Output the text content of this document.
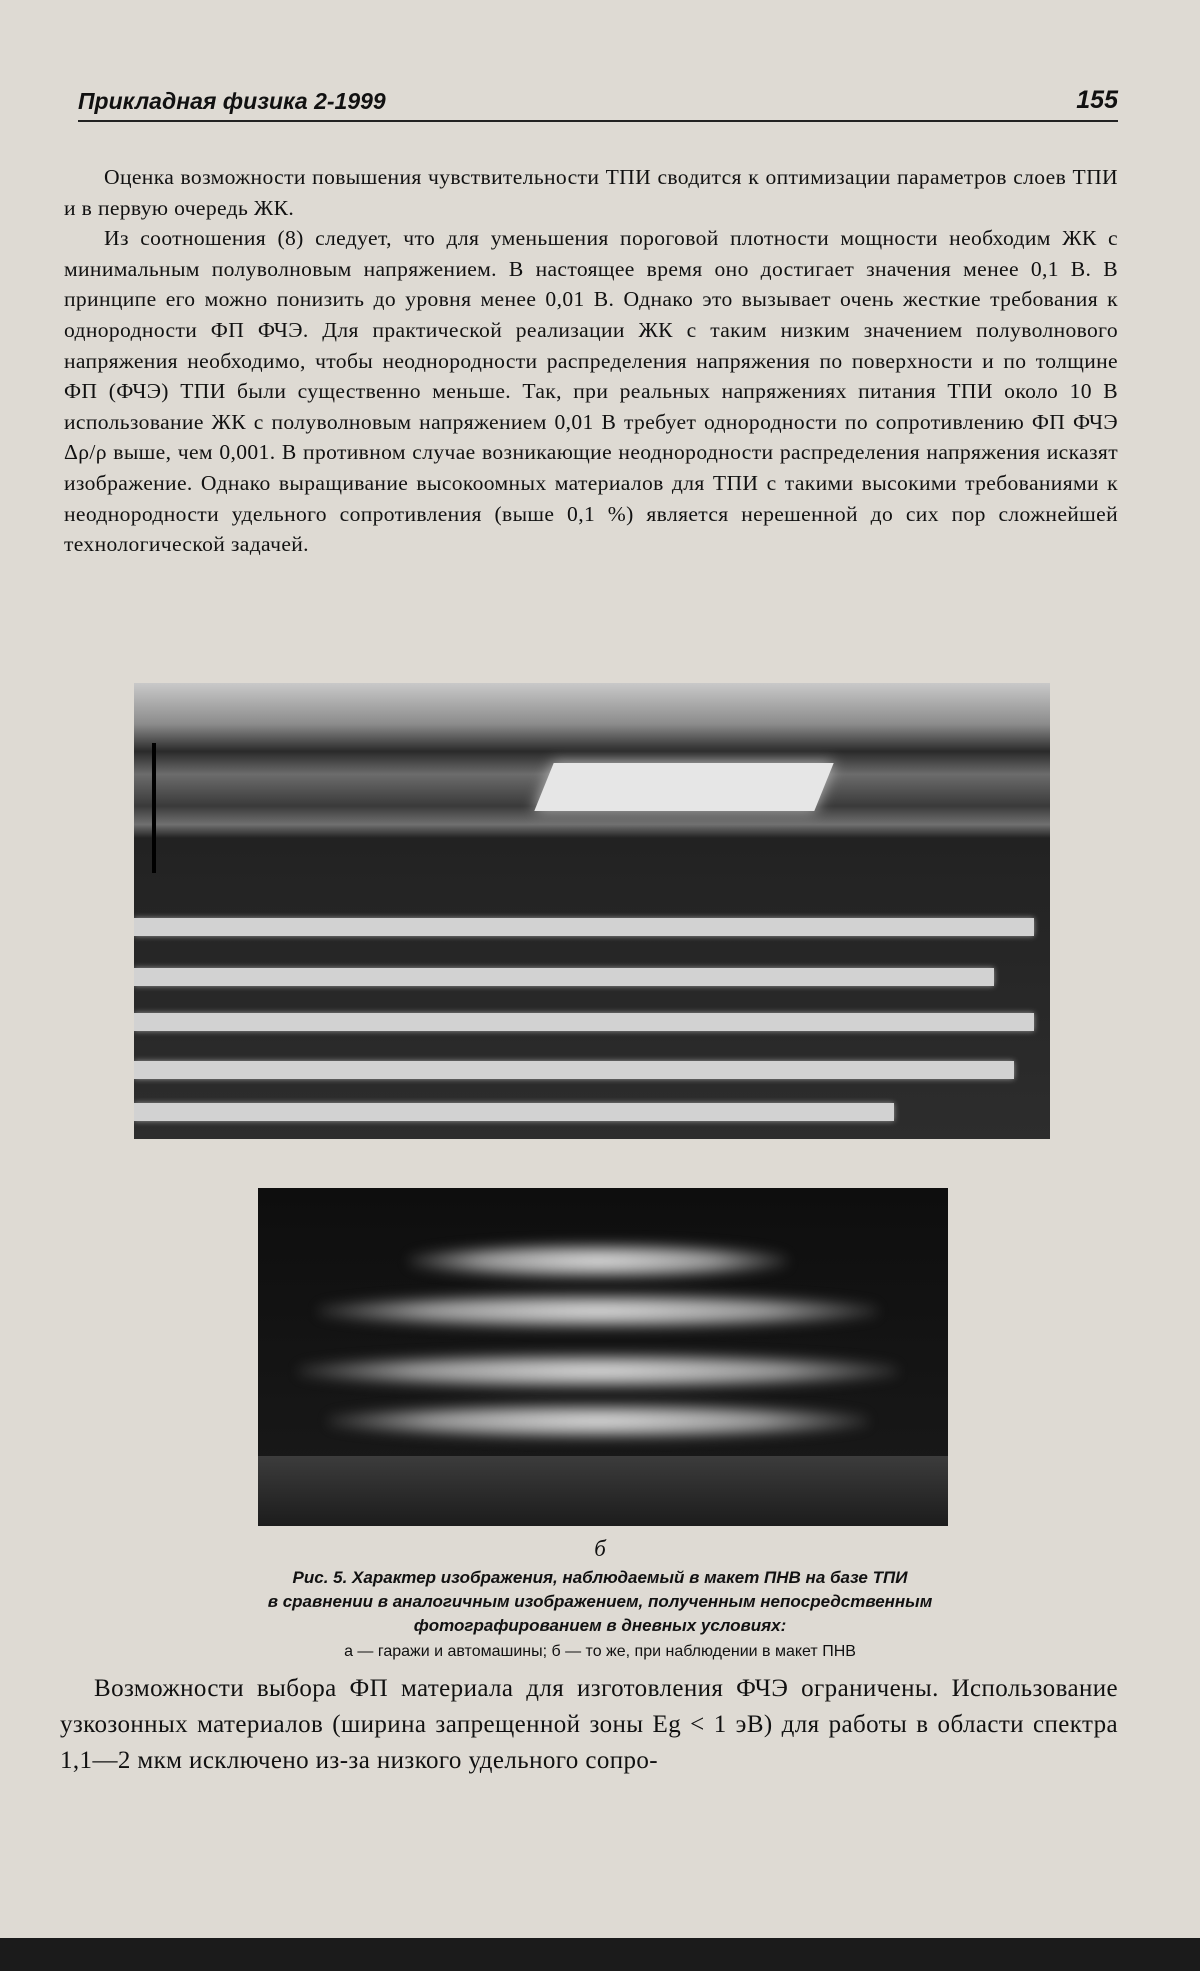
Прикладная физика 2-1999	155

Оценка возможности повышения чувствительности ТПИ сводится к оптимизации параметров слоев ТПИ и в первую очередь ЖК.

Из соотношения (8) следует, что для уменьшения пороговой плотности мощности необходим ЖК с минимальным полуволновым напряжением. В настоящее время оно достигает значения менее 0,1 В. В принципе его можно понизить до уровня менее 0,01 В. Однако это вызывает очень жесткие требования к однородности ФП ФЧЭ. Для практической реализации ЖК с таким низким значением полуволнового напряжения необходимо, чтобы неоднородности распределения напряжения по поверхности и по толщине ФП (ФЧЭ) ТПИ были существенно меньше. Так, при реальных напряжениях питания ТПИ около 10 В использование ЖК с полуволновым напряжением 0,01 В требует однородности по сопротивлению ФП ФЧЭ Δρ/ρ выше, чем 0,001. В противном случае возникающие неоднородности распределения напряжения исказят изображение. Однако выращивание высокоомных материалов для ТПИ с такими высокими требованиями к неоднородности удельного сопротивления (выше 0,1 %) является нерешенной до сих пор сложнейшей технологической задачей.

б
Рис. 5. Характер изображения, наблюдаемый в макет ПНВ на базе ТПИ
в сравнении в аналогичным изображением, полученным непосредственным
фотографированием в дневных условиях:
а — гаражи и автомашины; б — то же, при наблюдении в макет ПНВ

Возможности выбора ФП материала для изготовления ФЧЭ ограничены. Использование узкозонных материалов (ширина запрещенной зоны Eg < 1 эВ) для работы в области спектра 1,1—2 мкм исключено из-за низкого удельного сопро-
